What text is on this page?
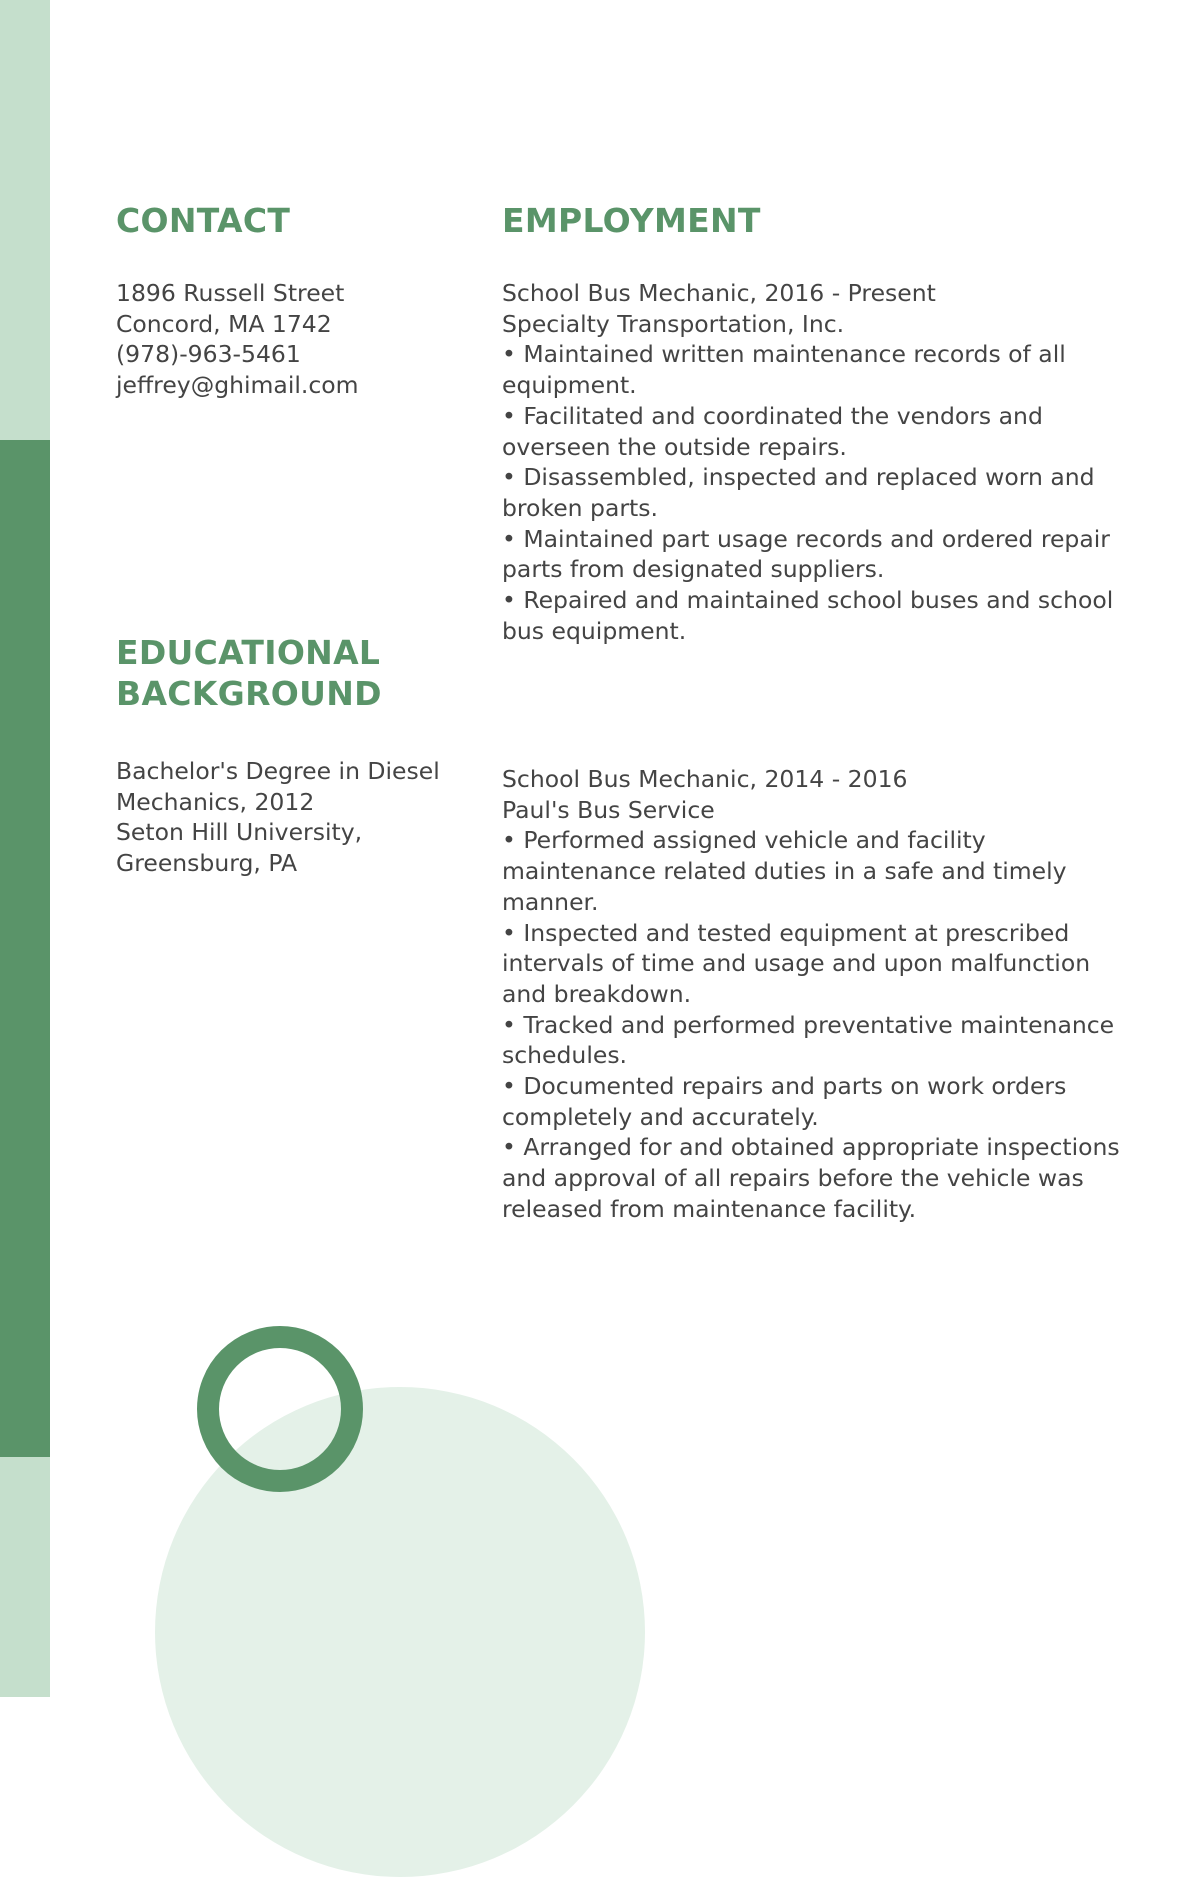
CONTACT

1896 Russell Street

Concord, MA 1742

(978)-963-5461

jeffrey@ghimail.com

EDUCATIONAL BACKGROUND

Bachelor's Degree in Diesel Mechanics, 2012

Seton Hill University, Greensburg, PA

EMPLOYMENT

School Bus Mechanic, 2016 - Present

Specialty Transportation, Inc.

• Maintained written maintenance records of all equipment.

• Facilitated and coordinated the vendors and overseen the outside repairs.

• Disassembled, inspected and replaced worn and broken parts.

• Maintained part usage records and ordered repair parts from designated suppliers.

• Repaired and maintained school buses and school bus equipment.

School Bus Mechanic, 2014 - 2016

Paul's Bus Service

• Performed assigned vehicle and facility maintenance related duties in a safe and timely manner.

• Inspected and tested equipment at prescribed intervals of time and usage and upon malfunction and breakdown.

• Tracked and performed preventative maintenance schedules.

• Documented repairs and parts on work orders completely and accurately.

• Arranged for and obtained appropriate inspections and approval of all repairs before the vehicle was released from maintenance facility.
